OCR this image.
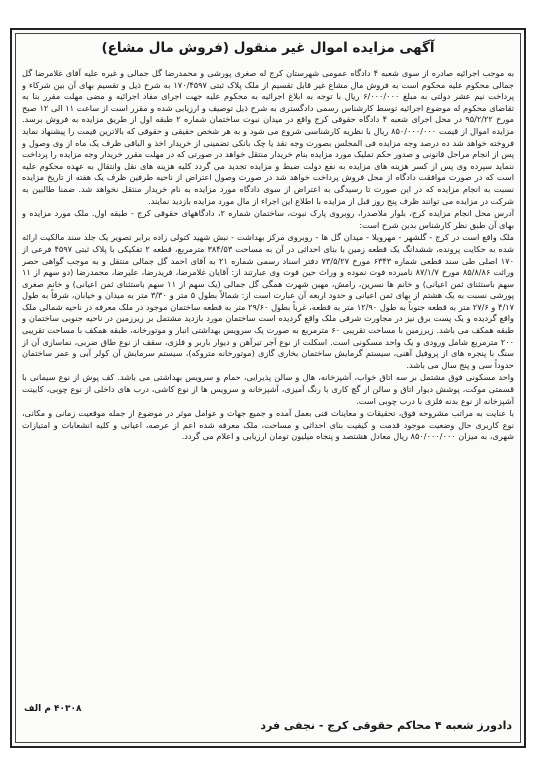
آگهی مزایده اموال غیر منقول (فروش مال مشاع)

به موجب اجرائیه صادره از سوی شعبه ۴ دادگاه عمومی شهرستان کرج له صغری پورشی و محمدرضا گل جمالی و غیره علیه آقای غلامرضا گل جمالی محکوم علیه محکوم است به فروش مال مشاع غیر قابل تقسیم از ملک پلاک ثبتی ۱۷۰/۴۵۹۷ به شرح ذیل و تقسیم بهای آن بین شرکاء و پرداخت نیم عشر دولتی به مبلغ ۶/۰۰۰/۰۰۰ ریال با توجه به ابلاغ اجرائیه به محکوم علیه جهت اجرای مفاد اجرائیه و مضی مهلت مقرر بنا به تقاضای محکوم له موضوع اجرائیه توسط کارشناس رسمی دادگستری به شرح ذیل توصیف و ارزیابی شده و مقرر است از ساعت ۱۱ الی ۱۲ صبح مورخ ۹۵/۲/۲۲ در محل اجرای شعبه ۴ دادگاه حقوقی کرج واقع در میدان نبوت ساختمان شماره ۲ طبقه اول از طریق مزایده به فروش برسد. مزایده اموال از قیمت ۸۵۰/۰۰۰/۰۰۰ ریال با نظریه کارشناسی شروع می شود و به هر شخص حقیقی و حقوقی که بالاترین قیمت را پیشنهاد نماید فروخته خواهد شد ده درصد وجه مزایده فی المجلس بصورت وجه نقد یا چک بانکی تضمینی از خریدار اخذ و الباقی ظرف یک ماه از وی وصول و پس از انجام مراحل قانونی و صدور حکم تملیک مورد مزایده بنام خریدار منتقل خواهد در صورتی که در مهلت مقرر خریدار وجه مزایده را پرداخت ننماید سپرده وی پس از کسر هزینه های مزایده به نفع دولت ضبط و مزایده تجدید می گردد کلیه هزینه های نقل وانتقال به عهده محکوم علیه است که در صورت موافقت دادگاه از محل فروش پرداخت خواهد شد در صورت وصول اعتراض از ناحیه طرفین ظرف یک هفته از تاریخ مزایده نسبت به انجام مزایده که در این صورت تا رسیدگی به اعتراض از سوی دادگاه مورد مزایده به نام خریدار منتقل نخواهد شد. ضمنا طالبین به شرکت در مزایده می توانند ظرف پنج روز قبل از مزایده با اطلاع این اجراء از مال مورد مزایده بازدید نمایند.

آدرس محل انجام مزایده کرج، بلوار ملاصدرا، روبروی پارک نبوت، ساختمان شماره ۲، دادگاههای حقوقی کرج - طبقه اول. ملک مورد مزایده و بهای آن طبق نظر کارشناس بدین شرح است:

ملک واقع است در کرج - گلشهر - مهرویلا - میدان گل ها - روبروی مرکز بهداشت - نبش شهید کتولی زاده برابر تصویر یک جلد سند مالکیت ارائه شده به حکایت پرونده، ششدانگ یک قطعه زمین با بنای احداثی در آن به مساحت ۳۸۴/۵۳ مترمربع، قطعه ۲ تفکیکی با پلاک ثبتی ۴۵۹۷ فرعی از ۱۷۰ اصلی طی سند قطعی شماره ۶۳۴۳ مورخ ۷۳/۵/۲۷ دفتر اسناد رسمی شماره ۲۱ به آقای احمد گل جمالی منتقل و به موجب گواهی حصر وراثت ۸۵/۸/۸۶ مورخ ۸۷/۱/۷ نامبرده فوت نموده و وراث حین فوت وی عبارتند از: آقایان غلامرضا، فریدرضا، علیرضا، محمدرضا (دو سهم از ۱۱ سهم باستثنای ثمن اعیانی) و خانم ها نسرین، رامش، مهین شهرت همگی گل جمالی (یک سهم از ۱۱ سهم باستثنای ثمن اعیانی) و خانم صغری پورشی نسبت به یک هشتم از بهای ثمن اعیانی و حدود اربعه آن عبارت است از: شمالاً بطول ۵ متر و ۳/۳۰ متر به میدان و خیابان، شرقاً به طول ۴/۱۷ و ۲۷/۶ متر به قطعه جنوباً به طول ۱۲/۹۰ متر به قطعه، غرباً بطول ۲۹/۶۰ متر به قطعه ساختمان موجود در ملک معرفه در ناحیه شمالی ملک واقع گردیده و یک پست برق نیز در مجاورت شرقی ملک واقع گردیده است ساختمان مورد بازدید مشتمل بر زیرزمین در ناحیه جنوبی ساختمان و طبقه همکف می باشد. زیرزمین با مساحت تقریبی ۶۰ مترمربع به صورت یک سرویس بهداشتی انبار و موتورخانه، طبقه همکف با مساحت تقریبی ۲۰۰ مترمربع شامل ورودی و یک واحد مسکونی است. اسکلت از نوع آجر تیرآهن و دیوار باربر و فلزی، سقف از نوع طاق ضربی، نماسازی آن از سنگ با پنجره های از پروفیل آهنی، سیستم گرمایش ساختمان بخاری گازی (موتورخانه متروکه)، سیستم سرمایش آن کولر آبی و عمر ساختمان حدوداً سی و پنج سال می باشد.

واحد مسکونی فوق مشتمل بر سه اتاق خواب، آشپزخانه، هال و سالن پذیرایی، حمام و سرویس بهداشتی می باشد. کف پوش از نوع سیمانی با قسمتی موکت، پوشش دیوار اتاق و سالن از گچ کاری با رنگ آمیزی، آشپزخانه و سرویس ها از نوع کاشی، درب های داخلی از نوع چوبی، کابینت آشپزخانه از نوع بدنه فلزی با درب چوبی است.

با عنایت به مراتب مشروحه فوق، تحقیقات و معاینات فنی بعمل آمده و جمیع جهات و عوامل موثر در موضوع از جمله موقعیت زمانی و مکانی، نوع کاربری حال وضعیت موجود قدمت و کیفیت بنای احداثی و مساحت، ملک معرفه شده اعم از عرصه، اعیانی و کلیه انشعابات و امتیازات شهری، به میزان ۸۵۰/۰۰۰/۰۰۰ ریال معادل هشتصد و پنجاه میلیون تومان ارزیابی و اعلام می گردد.

۴۰۳۰۸ م الف
دادورز شعبه ۴ محاکم حقوقی کرج - نجفی فرد
